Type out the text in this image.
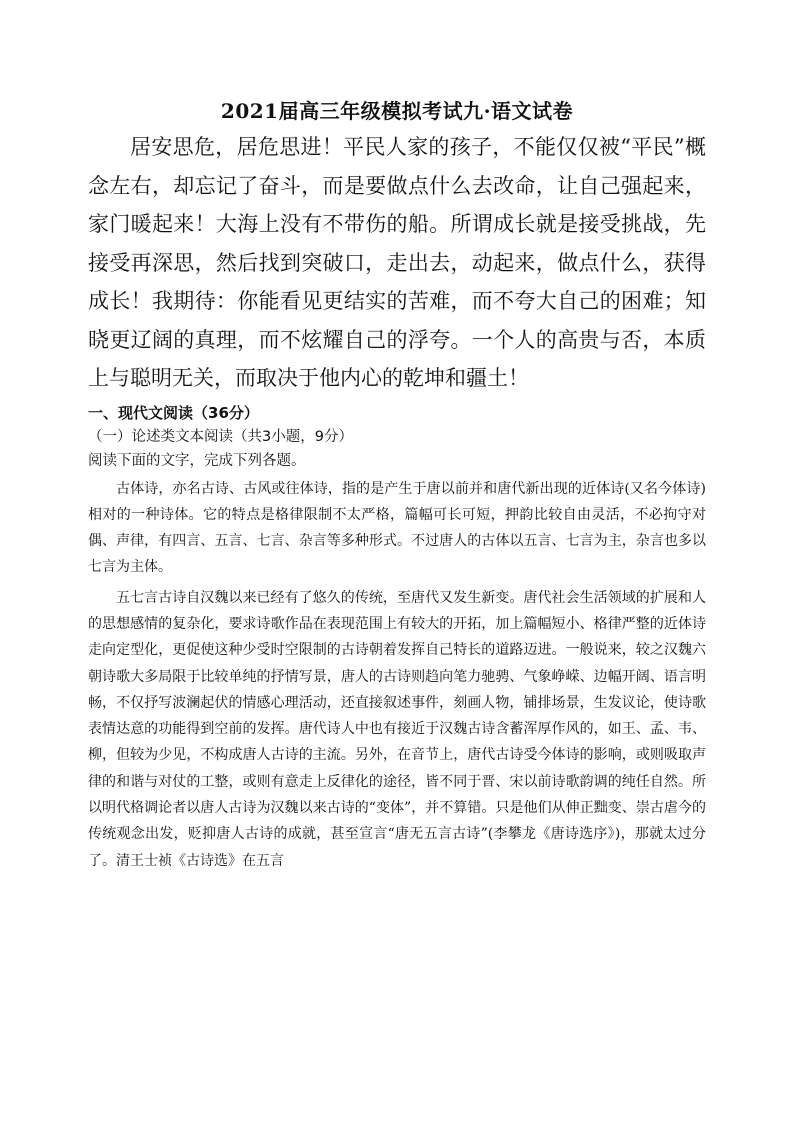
2021届高三年级模拟考试九·语文试卷

居安思危，居危思进！平民人家的孩子，不能仅仅被“平民”概念左右，却忘记了奋斗，而是要做点什么去改命，让自己强起来，家门暖起来！大海上没有不带伤的船。所谓成长就是接受挑战，先接受再深思，然后找到突破口，走出去，动起来，做点什么，获得成长！我期待：你能看见更结实的苦难，而不夸大自己的困难；知晓更辽阔的真理，而不炫耀自己的浮夸。一个人的高贵与否，本质上与聪明无关，而取决于他内心的乾坤和疆土！

一、现代文阅读（36分）
（一）论述类文本阅读（共3小题，9分）
阅读下面的文字，完成下列各题。

古体诗，亦名古诗、古风或往体诗，指的是产生于唐以前并和唐代新出现的近体诗(又名今体诗)相对的一种诗体。它的特点是格律限制不太严格，篇幅可长可短，押韵比较自由灵活，不必拘守对偶、声律，有四言、五言、七言、杂言等多种形式。不过唐人的古体以五言、七言为主，杂言也多以七言为主体。

五七言古诗自汉魏以来已经有了悠久的传统，至唐代又发生新变。唐代社会生活领域的扩展和人的思想感情的复杂化，要求诗歌作品在表现范围上有较大的开拓，加上篇幅短小、格律严整的近体诗走向定型化，更促使这种少受时空限制的古诗朝着发挥自己特长的道路迈进。一般说来，较之汉魏六朝诗歌大多局限于比较单纯的抒情写景，唐人的古诗则趋向笔力驰骋、气象峥嵘、边幅开阔、语言明畅，不仅抒写波澜起伏的情感心理活动，还直接叙述事件，刻画人物，铺排场景，生发议论，使诗歌表情达意的功能得到空前的发挥。唐代诗人中也有接近于汉魏古诗含蓄浑厚作风的，如王、孟、韦、柳，但较为少见，不构成唐人古诗的主流。另外，在音节上，唐代古诗受今体诗的影响，或则吸取声律的和谐与对仗的工整，或则有意走上反律化的途径，皆不同于晋、宋以前诗歌韵调的纯任自然。所以明代格调论者以唐人古诗为汉魏以来古诗的“变体”，并不算错。只是他们从伸正黜变、崇古虐今的传统观念出发，贬抑唐人古诗的成就，甚至宣言“唐无五言古诗”(李攀龙《唐诗选序》)，那就太过分了。清王士祯《古诗选》在五言
